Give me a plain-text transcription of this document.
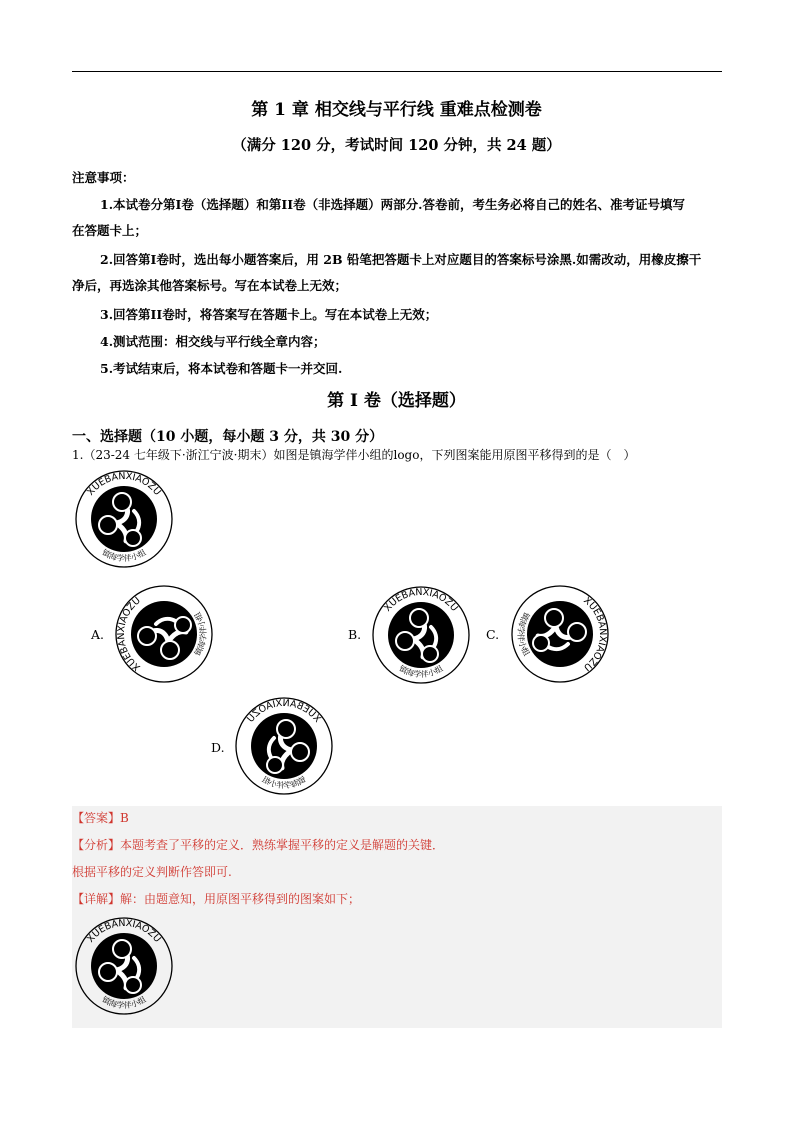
第 1 章 相交线与平行线 重难点检测卷
（满分 120 分，考试时间 120 分钟，共 24 题）
注意事项：
1.本试卷分第I卷（选择题）和第II卷（非选择题）两部分.答卷前，考生务必将自己的姓名、准考证号填写
在答题卡上；
2.回答第I卷时，选出每小题答案后，用 2B 铅笔把答题卡上对应题目的答案标号涂黑.如需改动，用橡皮擦干
净后，再选涂其他答案标号。写在本试卷上无效；
3.回答第II卷时，将答案写在答题卡上。写在本试卷上无效；
4.测试范围：相交线与平行线全章内容；
5.考试结束后，将本试卷和答题卡一并交回.
第 I 卷（选择题）
一、选择题（10 小题，每小题 3 分，共 30 分）
1.（23-24 七年级下·浙江宁波·期末）如图是镇海学伴小组的logo，下列图案能用原图平移得到的是（　）
XUEBANXIAOZU
镇海学伴小组
A.
XUEBANXIAOZU
镇海学伴小组
B.
XUEBANXIAOZU
镇海学伴小组
C.
XUEBANXIAOZU
镇海学伴小组
D.
XUEBANXIAOZU
镇海学伴小组
【答案】B
【分析】本题考查了平移的定义．熟练掌握平移的定义是解题的关键．
根据平移的定义判断作答即可.
【详解】解：由题意知，用原图平移得到的图案如下；
XUEBANXIAOZU
镇海学伴小组
